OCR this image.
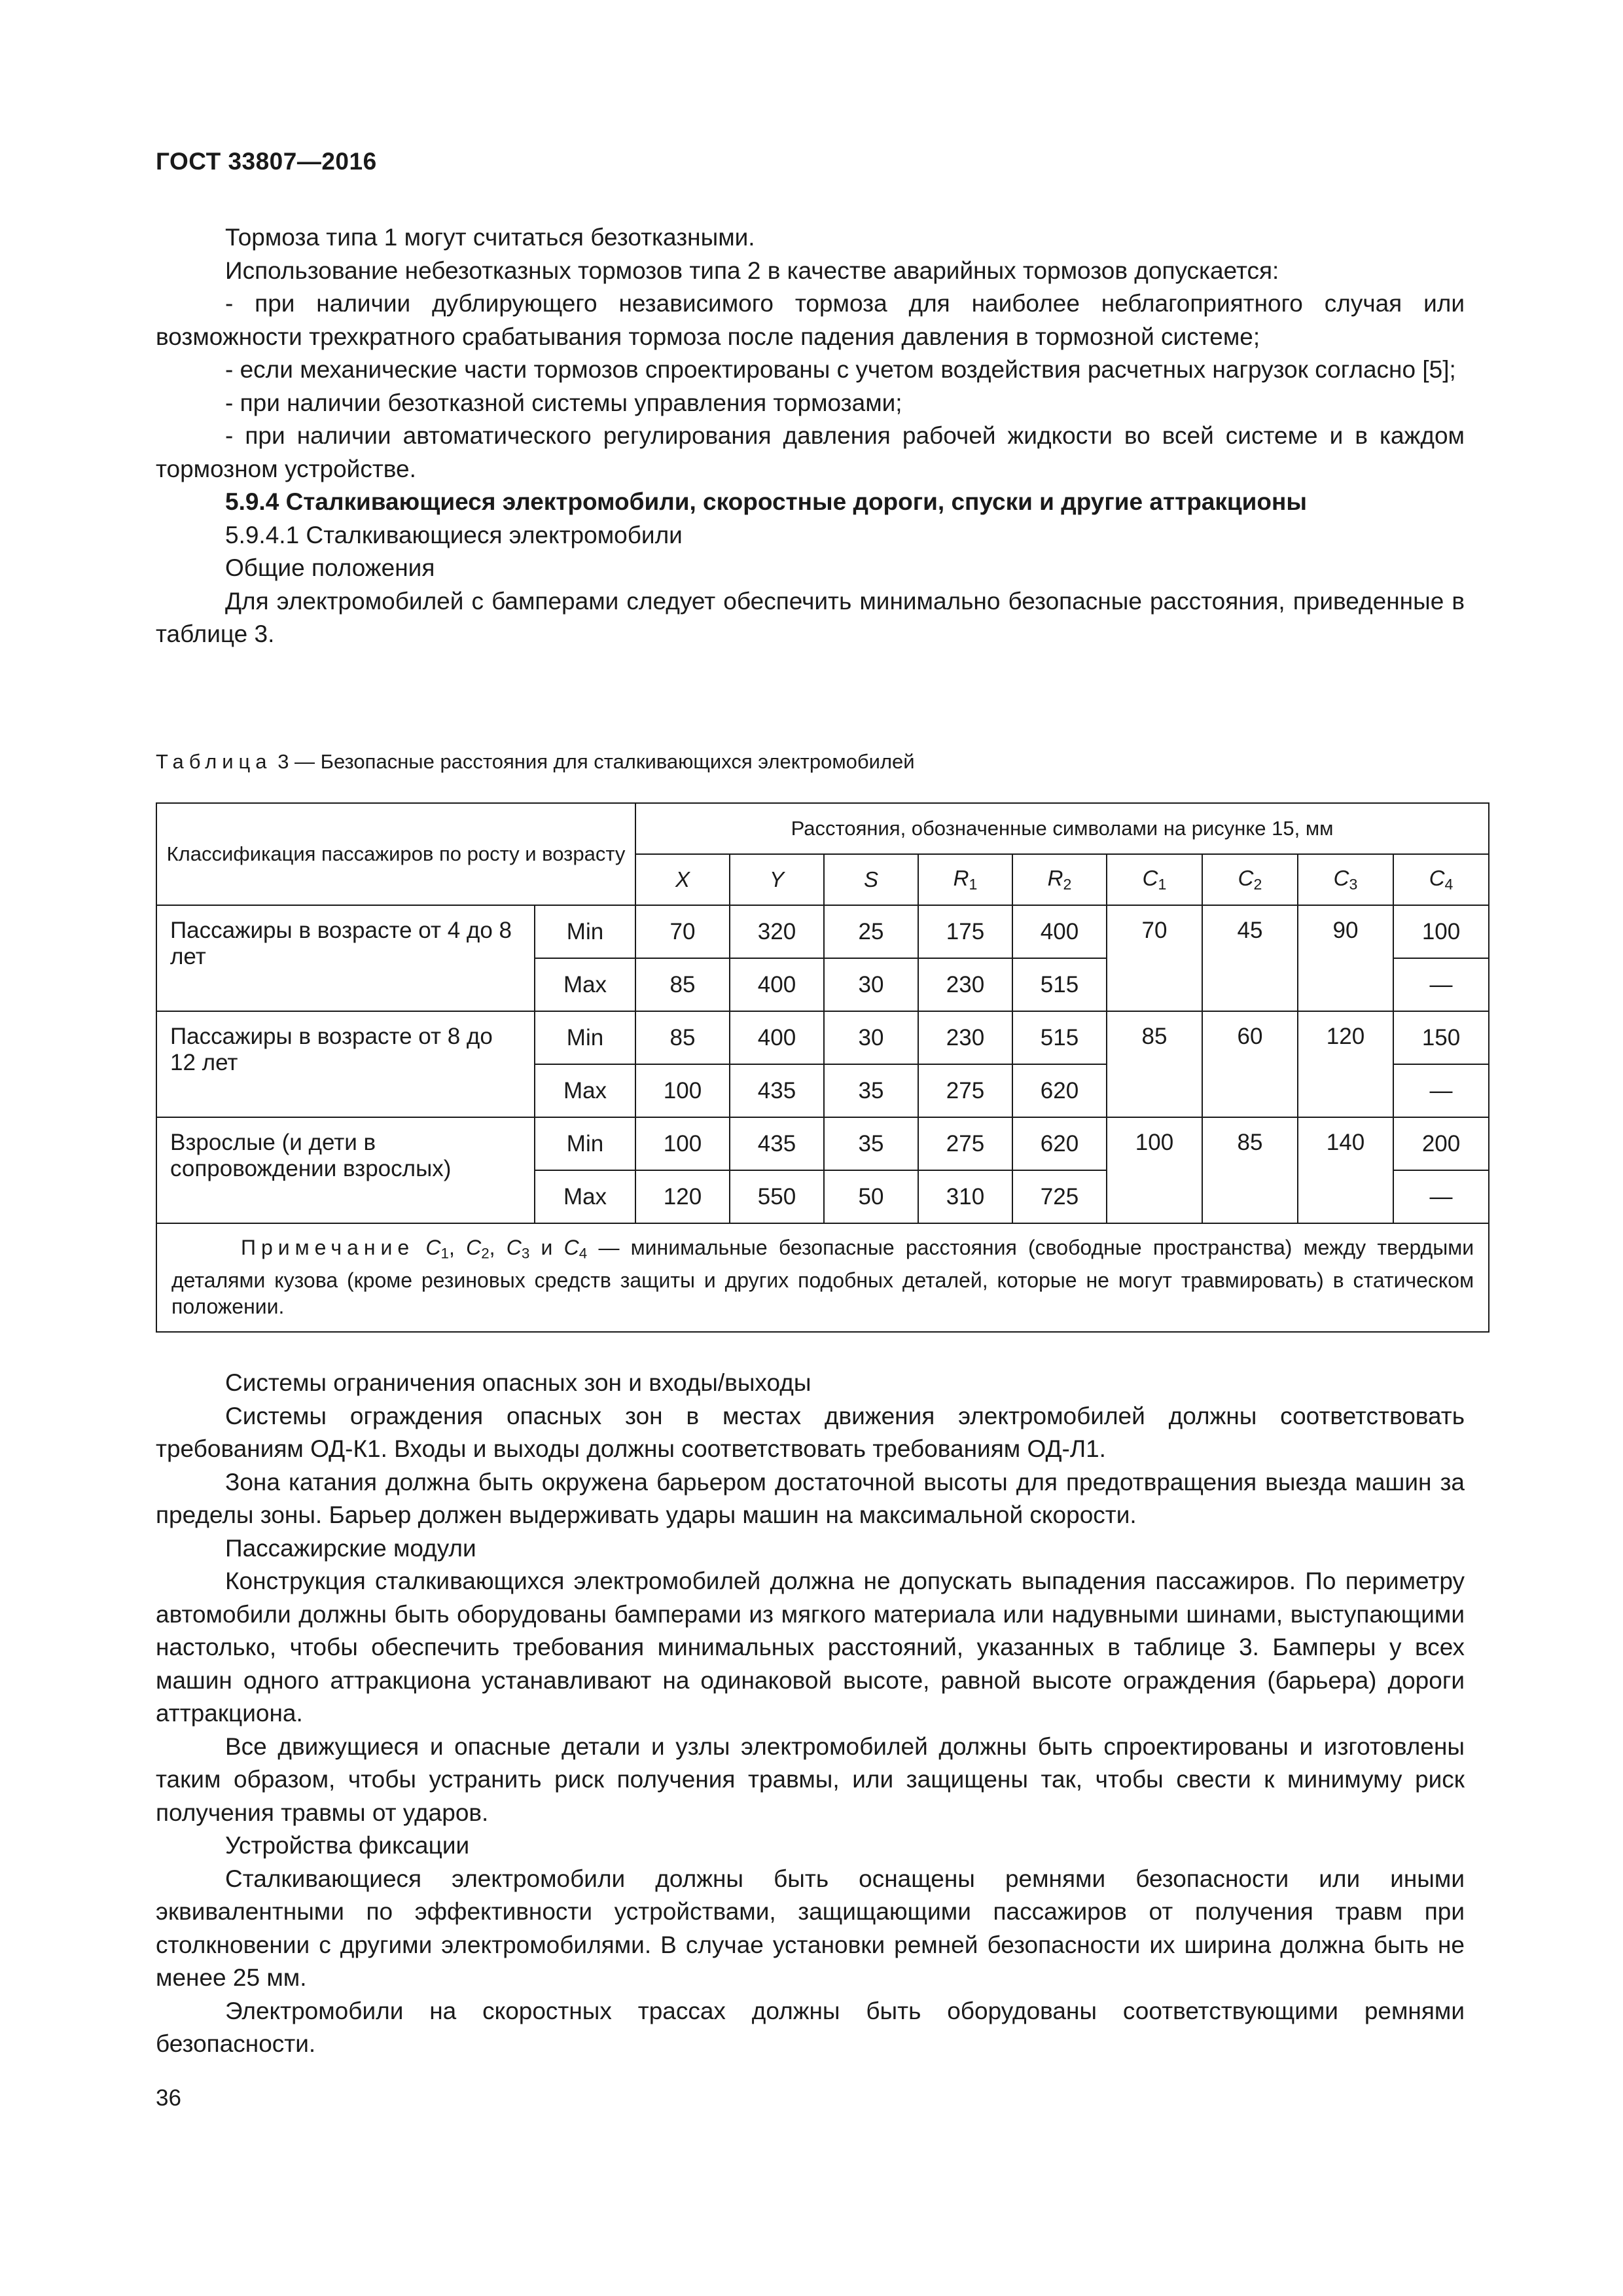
ГОСТ 33807—2016

Тормоза типа 1 могут считаться безотказными.

Использование небезотказных тормозов типа 2 в качестве аварийных тормозов допускается:

- при наличии дублирующего независимого тормоза для наиболее неблагоприятного случая или возможности трехкратного срабатывания тормоза после падения давления в тормозной системе;

- если механические части тормозов спроектированы с учетом воздействия расчетных нагрузок согласно [5];

- при наличии безотказной системы управления тормозами;

- при наличии автоматического регулирования давления рабочей жидкости во всей системе и в каждом тормозном устройстве.

5.9.4 Сталкивающиеся электромобили, скоростные дороги, спуски и другие аттракционы

5.9.4.1 Сталкивающиеся электромобили

Общие положения

Для электромобилей с бамперами следует обеспечить минимально безопасные расстояния, приведенные в таблице 3.

Таблица 3 — Безопасные расстояния для сталкивающихся электромобилей
Классификация пассажиров по росту и возрасту		Расстояния, обозначенные символами на рисунке 15, мм								
		X	Y	S	$R_1$	$R_2$	$C_1$	$C_2$	$C_3$	$C_4$
Пассажиры в возрасте от 4 до 8 лет	Min	70	320	25	175	400	70	45	90	100
	Max	85	400	30	230	515				—
Пассажиры в возрасте от 8 до 12 лет	Min	85	400	30	230	515	85	60	120	150
	Max	100	435	35	275	620				—
Взрослые (и дети в сопровождении взрослых)	Min	100	435	35	275	620	100	85	140	200
	Max	120	550	50	310	725				—
Примечание $C_1$, $C_2$, $C_3$ и $C_4$ — минимальные безопасные расстояния (свободные пространства) между твердыми деталями кузова (кроме резиновых средств защиты и других подобных деталей, которые не могут травмировать) в статическом положении.										

Системы ограничения опасных зон и входы/выходы

Системы ограждения опасных зон в местах движения электромобилей должны соответствовать требованиям ОД-К1. Входы и выходы должны соответствовать требованиям ОД-Л1.

Зона катания должна быть окружена барьером достаточной высоты для предотвращения выезда машин за пределы зоны. Барьер должен выдерживать удары машин на максимальной скорости.

Пассажирские модули

Конструкция сталкивающихся электромобилей должна не допускать выпадения пассажиров. По периметру автомобили должны быть оборудованы бамперами из мягкого материала или надувными шинами, выступающими настолько, чтобы обеспечить требования минимальных расстояний, указанных в таблице 3. Бамперы у всех машин одного аттракциона устанавливают на одинаковой высоте, равной высоте ограждения (барьера) дороги аттракциона.

Все движущиеся и опасные детали и узлы электромобилей должны быть спроектированы и изготовлены таким образом, чтобы устранить риск получения травмы, или защищены так, чтобы свести к минимуму риск получения травмы от ударов.

Устройства фиксации

Сталкивающиеся электромобили должны быть оснащены ремнями безопасности или иными эквивалентными по эффективности устройствами, защищающими пассажиров от получения травм при столкновении с другими электромобилями. В случае установки ремней безопасности их ширина должна быть не менее 25 мм.

Электромобили на скоростных трассах должны быть оборудованы соответствующими ремнями безопасности.

36
